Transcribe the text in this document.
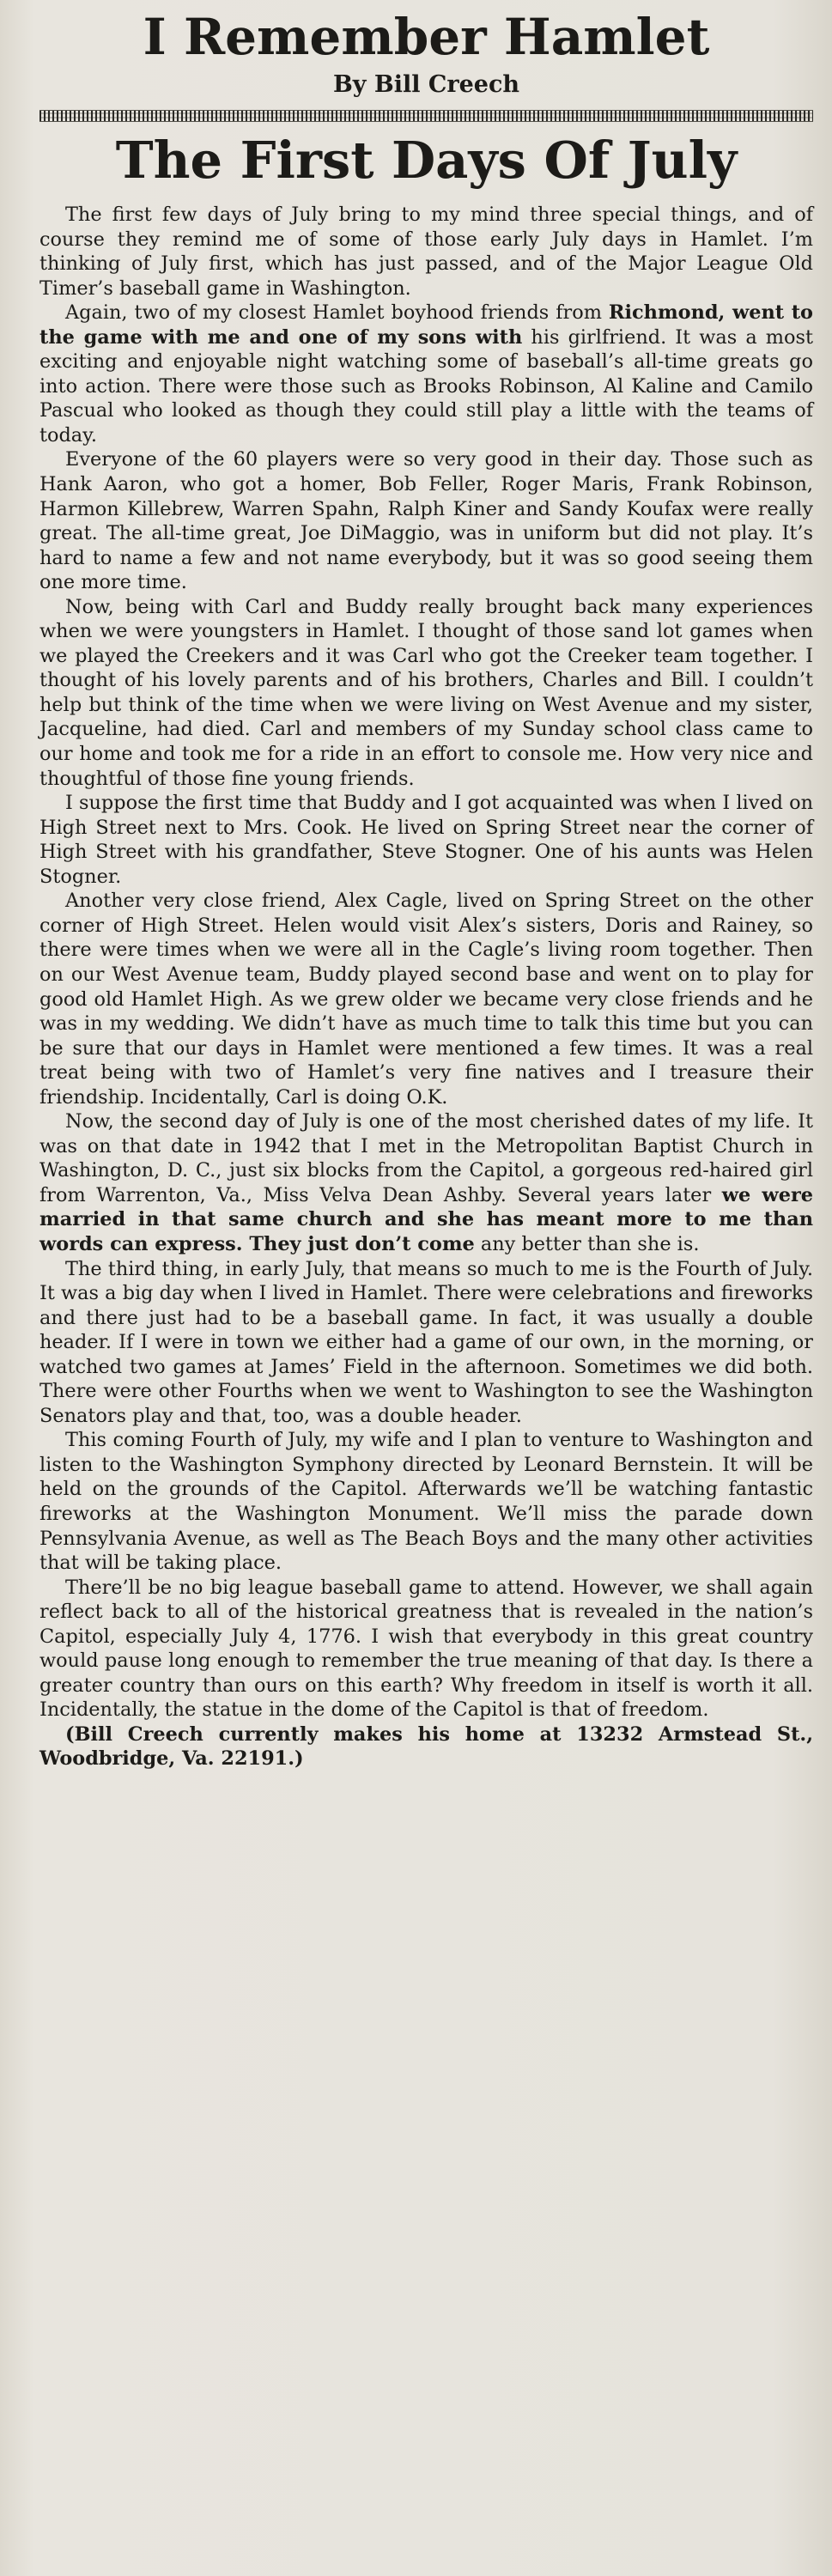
I Remember Hamlet
By Bill Creech
The First Days Of July

The first few days of July bring to my mind three special things, and of course they remind me of some of those early July days in Hamlet. I’m thinking of July first, which has just passed, and of the Major League Old Timer’s baseball game in Washington.

Again, two of my closest Hamlet boyhood friends from Richmond, went to the game with me and one of my sons with his girlfriend. It was a most exciting and enjoyable night watching some of baseball’s all-time greats go into action. There were those such as Brooks Robinson, Al Kaline and Camilo Pascual who looked as though they could still play a little with the teams of today.

Everyone of the 60 players were so very good in their day. Those such as Hank Aaron, who got a homer, Bob Feller, Roger Maris, Frank Robinson, Harmon Killebrew, Warren Spahn, Ralph Kiner and Sandy Koufax were really great. The all-time great, Joe DiMaggio, was in uniform but did not play. It’s hard to name a few and not name everybody, but it was so good seeing them one more time.

Now, being with Carl and Buddy really brought back many experiences when we were youngsters in Hamlet. I thought of those sand lot games when we played the Creekers and it was Carl who got the Creeker team together. I thought of his lovely parents and of his brothers, Charles and Bill. I couldn’t help but think of the time when we were living on West Avenue and my sister, Jacqueline, had died. Carl and members of my Sunday school class came to our home and took me for a ride in an effort to console me. How very nice and thoughtful of those fine young friends.

I suppose the first time that Buddy and I got acquainted was when I lived on High Street next to Mrs. Cook. He lived on Spring Street near the corner of High Street with his grandfather, Steve Stogner. One of his aunts was Helen Stogner.

Another very close friend, Alex Cagle, lived on Spring Street on the other corner of High Street. Helen would visit Alex’s sisters, Doris and Rainey, so there were times when we were all in the Cagle’s living room together. Then on our West Avenue team, Buddy played second base and went on to play for good old Hamlet High. As we grew older we became very close friends and he was in my wedding. We didn’t have as much time to talk this time but you can be sure that our days in Hamlet were mentioned a few times. It was a real treat being with two of Hamlet’s very fine natives and I treasure their friendship. Incidentally, Carl is doing O.K.

Now, the second day of July is one of the most cherished dates of my life. It was on that date in 1942 that I met in the Metropolitan Baptist Church in Washington, D. C., just six blocks from the Capitol, a gorgeous red-haired girl from Warrenton, Va., Miss Velva Dean Ashby. Several years later we were married in that same church and she has meant more to me than words can express. They just don’t come any better than she is.

The third thing, in early July, that means so much to me is the Fourth of July. It was a big day when I lived in Hamlet. There were celebrations and fireworks and there just had to be a baseball game. In fact, it was usually a double header. If I were in town we either had a game of our own, in the morning, or watched two games at James’ Field in the afternoon. Sometimes we did both. There were other Fourths when we went to Washington to see the Washington Senators play and that, too, was a double header.

This coming Fourth of July, my wife and I plan to venture to Washington and listen to the Washington Symphony directed by Leonard Bernstein. It will be held on the grounds of the Capitol. Afterwards we’ll be watching fantastic fireworks at the Washington Monument. We’ll miss the parade down Pennsylvania Avenue, as well as The Beach Boys and the many other activities that will be taking place.

There’ll be no big league baseball game to attend. However, we shall again reflect back to all of the historical greatness that is revealed in the nation’s Capitol, especially July 4, 1776. I wish that everybody in this great country would pause long enough to remember the true meaning of that day. Is there a greater country than ours on this earth? Why freedom in itself is worth it all. Incidentally, the statue in the dome of the Capitol is that of freedom.

(Bill Creech currently makes his home at 13232 Armstead St., Woodbridge, Va. 22191.)
